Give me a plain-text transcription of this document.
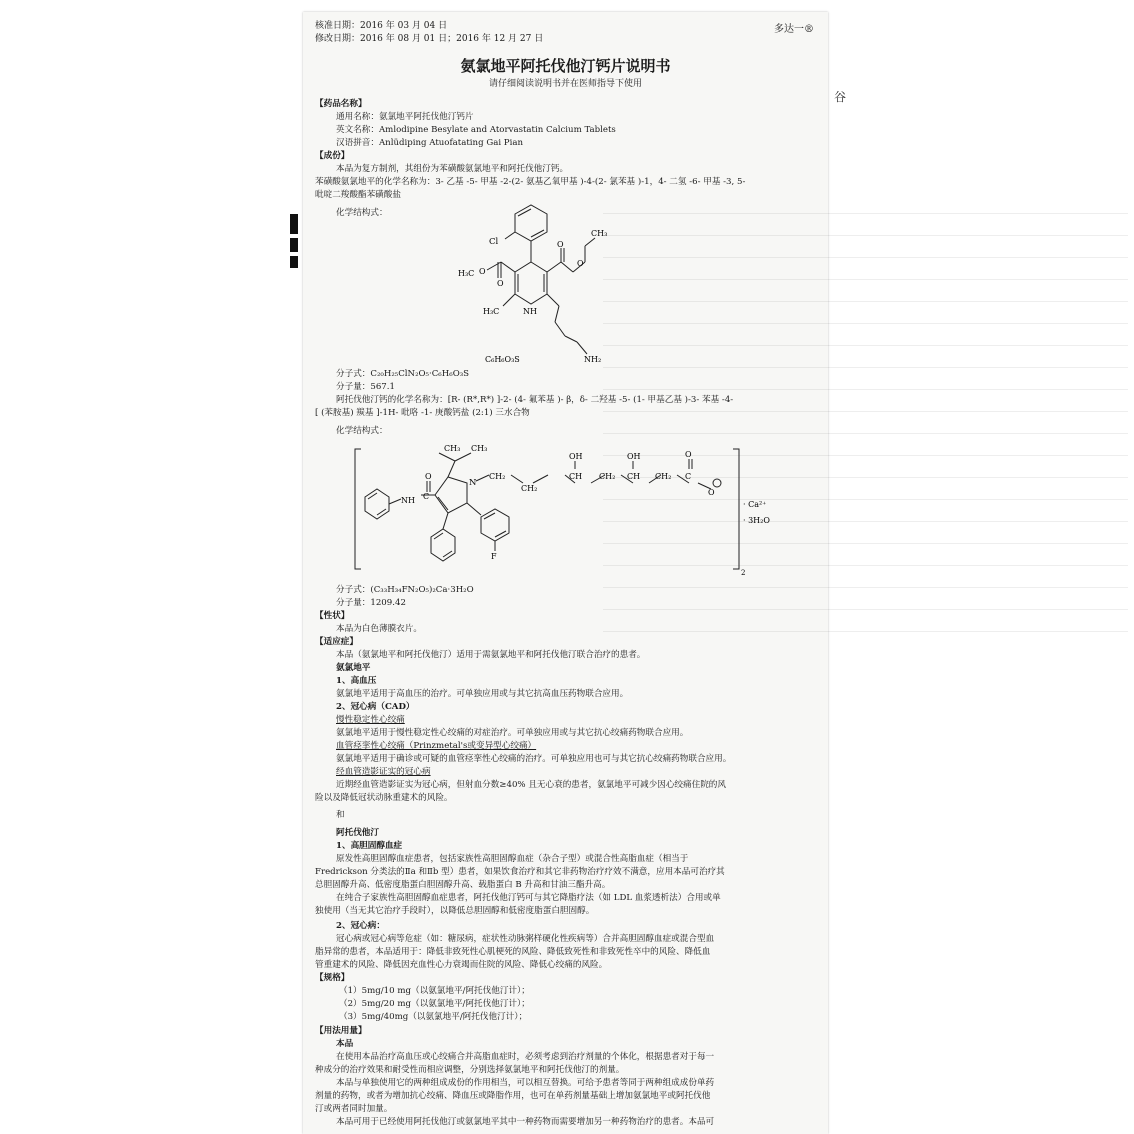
谷
核准日期：2016 年 03 月 04 日
修改日期：2016 年 08 月 01 日；2016 年 12 月 27 日
多达一®
氨氯地平阿托伐他汀钙片说明书
请仔细阅读说明书并在医师指导下使用
【药品名称】
通用名称：氨氯地平阿托伐他汀钙片
英文名称：Amlodipine Besylate and Atorvastatin Calcium Tablets
汉语拼音：Anlüdiping Atuofatating Gai Pian
【成份】
本品为复方制剂，其组份为苯磺酸氨氯地平和阿托伐他汀钙。
苯磺酸氨氯地平的化学名称为：3- 乙基 -5- 甲基 -2-(2- 氨基乙氧甲基 )-4-(2- 氯苯基 )-1，4- 二氢 -6- 甲基 -3, 5-
吡啶二羧酸酯苯磺酸盐
化学结构式：
Cl
CH₃
H₃C
O
O
O
O
H₃C	NH
NH₂
C₆H₆O₃S
分子式：C₂₀H₂₅ClN₂O₅·C₆H₆O₃S
分子量：567.1
阿托伐他汀钙的化学名称为：[R- (R*,R*) ]-2- (4- 氟苯基 )- β，δ- 二羟基 -5- (1- 甲基乙基 )-3- 苯基 -4-
[ (苯胺基) 羰基 ]-1H- 吡咯 -1- 庚酸钙盐 (2:1) 三水合物
化学结构式：
CH₃ CH₃
O
NH C
N
CH₂
OH	OH
CH₂
CH CH₂ CH CH₂ C
O
O
F
· Ca²⁺
· 3H₂O
2
分子式：(C₃₃H₃₄FN₂O₅)₂Ca·3H₂O
分子量：1209.42
【性状】
本品为白色薄膜衣片。
【适应症】
本品（氨氯地平和阿托伐他汀）适用于需氨氯地平和阿托伐他汀联合治疗的患者。
氨氯地平
1、高血压
氨氯地平适用于高血压的治疗。可单独应用或与其它抗高血压药物联合应用。
2、冠心病（CAD）
慢性稳定性心绞痛
氨氯地平适用于慢性稳定性心绞痛的对症治疗。可单独应用或与其它抗心绞痛药物联合应用。
血管痉挛性心绞痛（Prinzmetal's或变异型心绞痛）
氨氯地平适用于确诊或可疑的血管痉挛性心绞痛的治疗。可单独应用也可与其它抗心绞痛药物联合应用。
经血管造影证实的冠心病
近期经血管造影证实为冠心病，但射血分数≥40% 且无心衰的患者，氨氯地平可减少因心绞痛住院的风
险以及降低冠状动脉重建术的风险。
和
阿托伐他汀
1、高胆固醇血症
原发性高胆固醇血症患者，包括家族性高胆固醇血症（杂合子型）或混合性高脂血症（相当于
Fredrickson 分类法的Ⅱa 和Ⅱb 型）患者，如果饮食治疗和其它非药物治疗疗效不满意，应用本品可治疗其
总胆固醇升高、低密度脂蛋白胆固醇升高、载脂蛋白 B 升高和甘油三酯升高。
在纯合子家族性高胆固醇血症患者，阿托伐他汀钙可与其它降脂疗法（如 LDL 血浆透析法）合用或单
独使用（当无其它治疗手段时），以降低总胆固醇和低密度脂蛋白胆固醇。
2、冠心病：
冠心病或冠心病等危症（如：糖尿病，症状性动脉粥样硬化性疾病等）合并高胆固醇血症或混合型血
脂异常的患者，本品适用于：降低非致死性心肌梗死的风险、降低致死性和非致死性卒中的风险、降低血
管重建术的风险、降低因充血性心力衰竭而住院的风险、降低心绞痛的风险。
【规格】
（1）5mg/10 mg（以氨氯地平/阿托伐他汀计）；
（2）5mg/20 mg（以氨氯地平/阿托伐他汀计）；
（3）5mg/40mg（以氨氯地平/阿托伐他汀计）；
【用法用量】
本品
在使用本品治疗高血压或心绞痛合并高脂血症时，必须考虑到治疗剂量的个体化，根据患者对于每一
种成分的治疗效果和耐受性而相应调整，分别选择氨氯地平和阿托伐他汀的剂量。
本品与单独使用它的两种组成成份的作用相当，可以相互替换。可给予患者等同于两种组成成份单药
剂量的药物，或者为增加抗心绞痛、降血压或降脂作用，也可在单药剂量基础上增加氨氯地平或阿托伐他
汀或两者同时加量。
本品可用于已经使用阿托伐他汀或氨氯地平其中一种药物而需要增加另一种药物治疗的患者。本品可
